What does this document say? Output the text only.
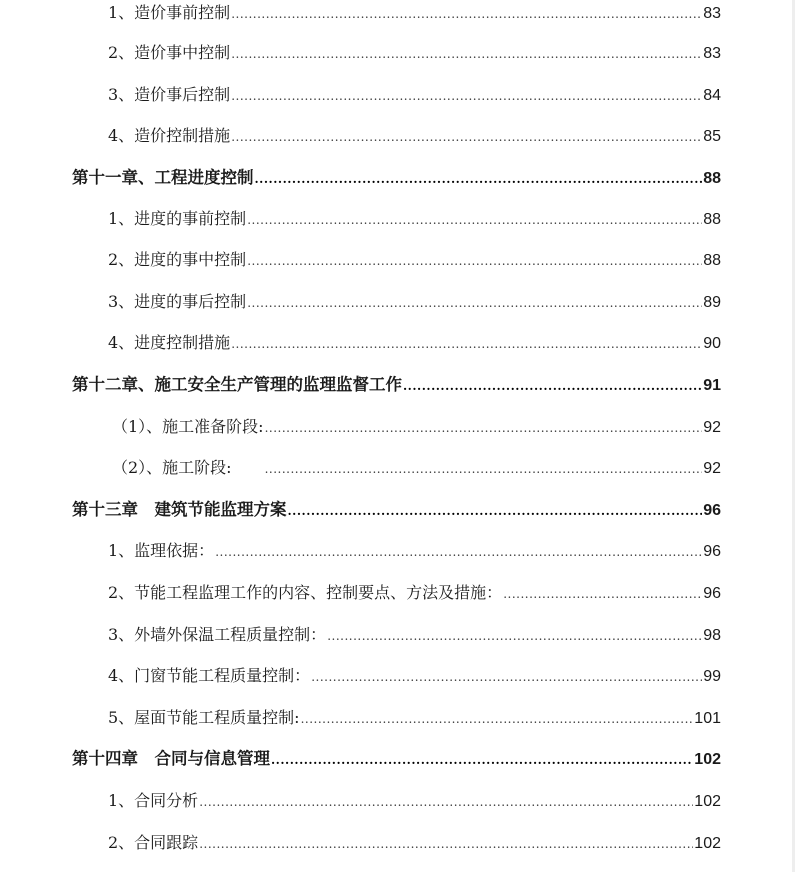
1、造价事前控制 .....	83
2、造价事中控制 .....	83
3、造价事后控制 .....	84
4、造价控制措施 .....	85
第十一章、工程进度控制 .....	88
1、进度的事前控制 .....	88
2、进度的事中控制 .....	88
3、进度的事后控制 .....	89
4、进度控制措施 .....	90
第十二章、施工安全生产管理的监理监督工作 .....	91
（1）、施工准备阶段: .....	92
（2）、施工阶段:　　 .....	92
第十三章　建筑节能监理方案 .....	96
1、监理依据： .....	96
2、节能工程监理工作的内容、控制要点、方法及措施： .....	96
3、外墙外保温工程质量控制： .....	98
4、门窗节能工程质量控制： .....	99
5、屋面节能工程质量控制: .....	101
第十四章　合同与信息管理 .....	102
1、合同分析 .....	102
2、合同跟踪 .....	102
